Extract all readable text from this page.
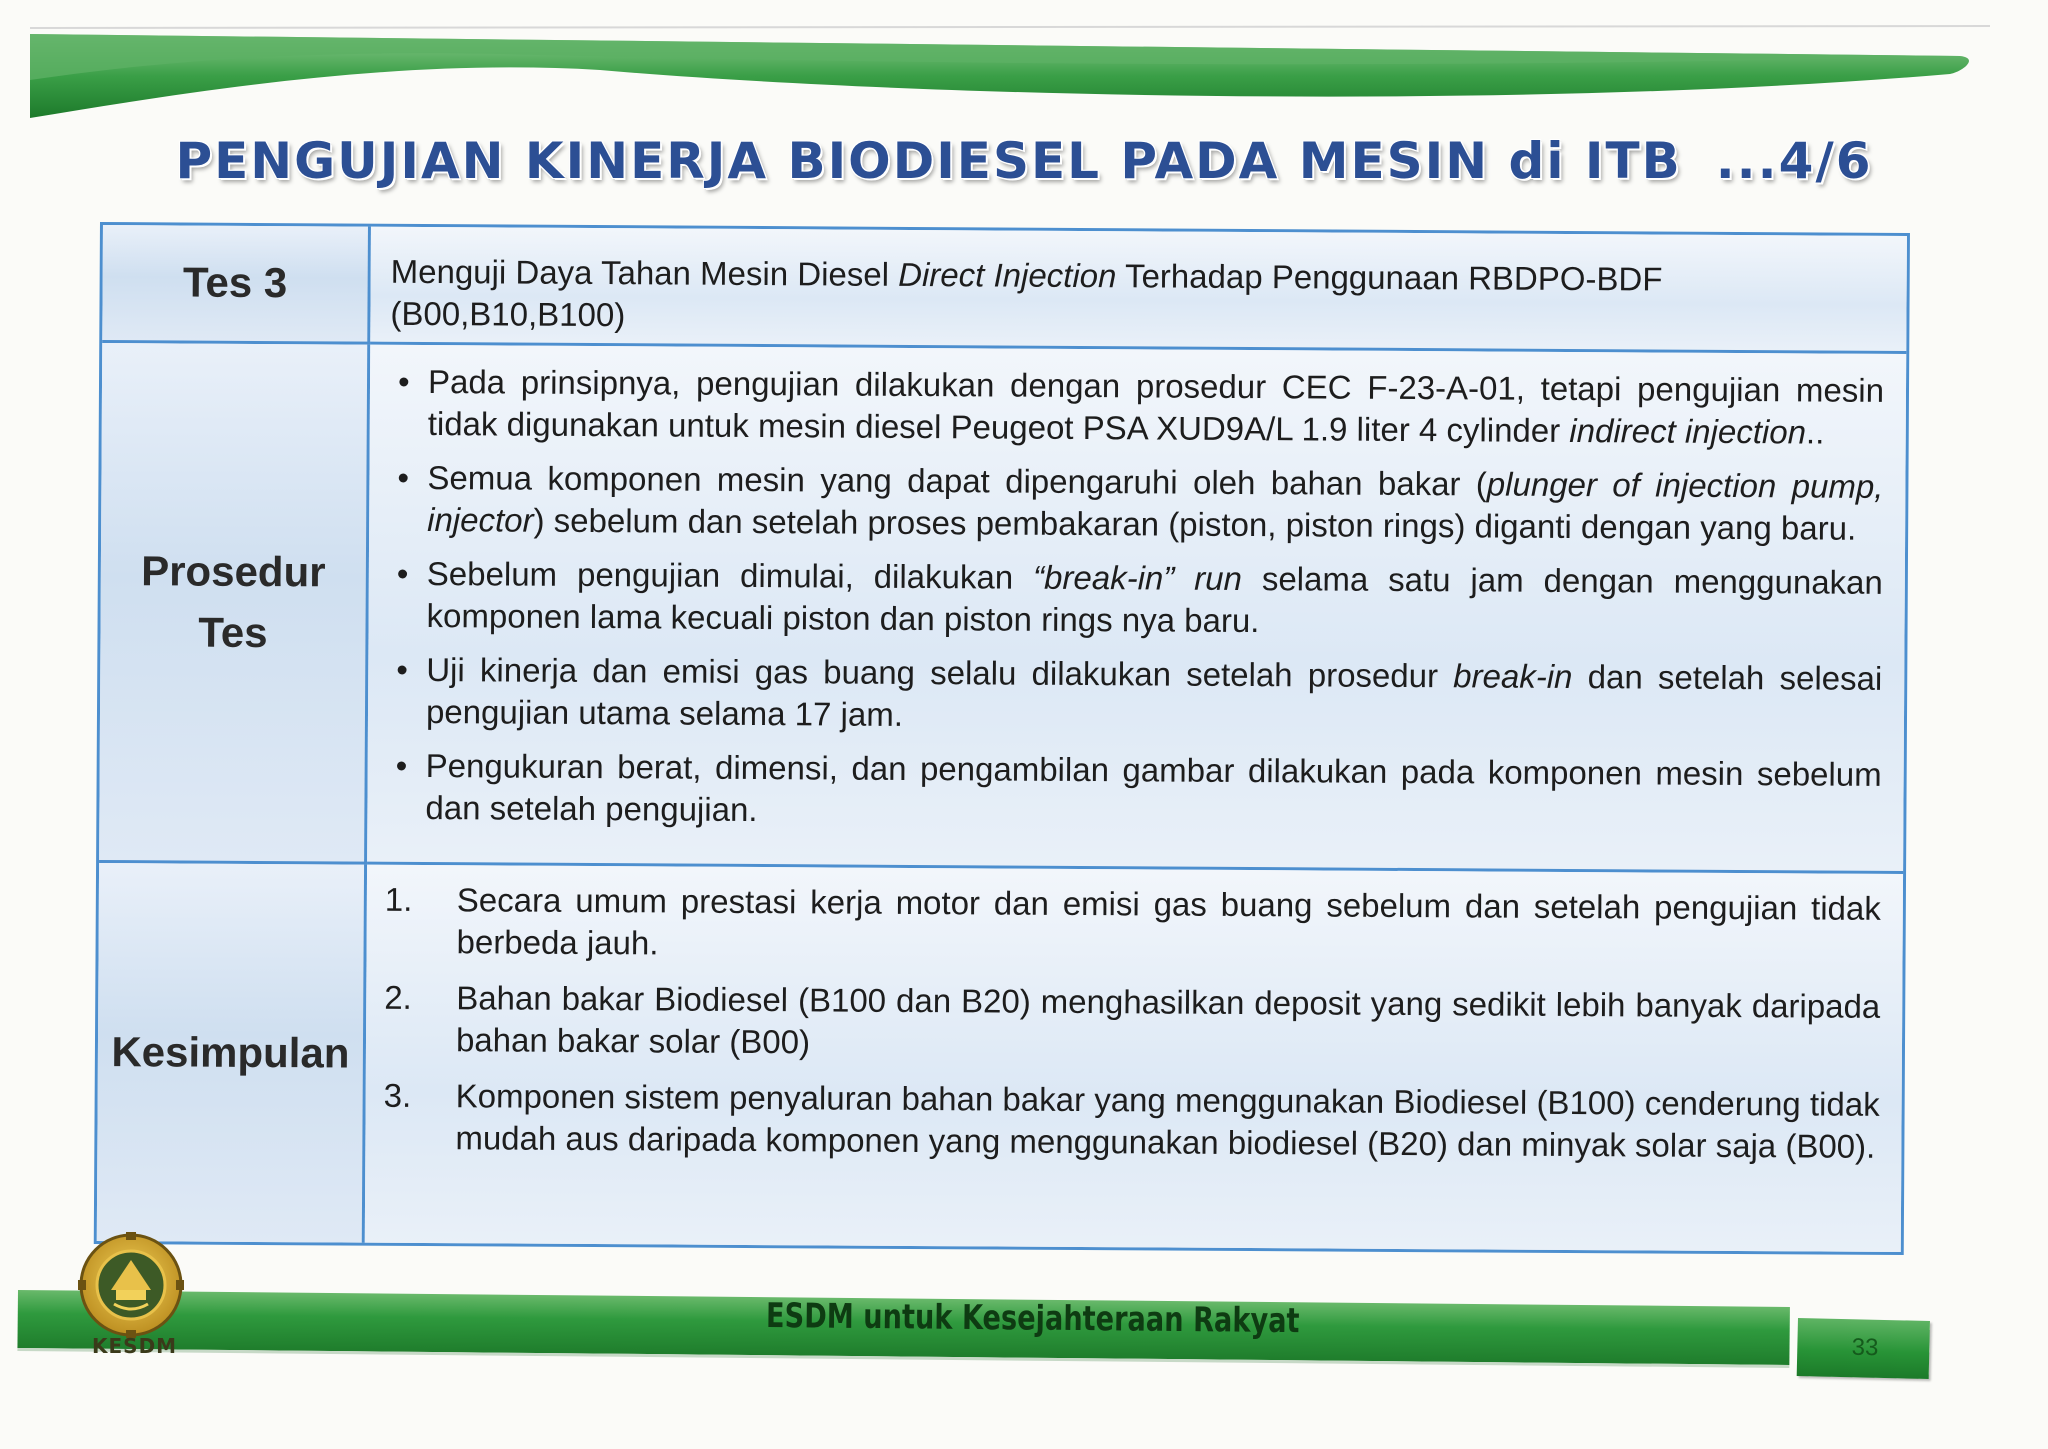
PENGUJIAN KINERJA BIODIESEL PADA MESIN di ITB ...4/6
Tes 3	Menguji Daya Tahan Mesin Diesel Direct Injection Terhadap Penggunaan RBDPO-BDF (B00,B10,B100)
Prosedur
Tes
• Pada prinsipnya, pengujian dilakukan dengan prosedur CEC F-23-A-01, tetapi pengujian mesin tidak digunakan untuk mesin diesel Peugeot PSA XUD9A/L 1.9 liter 4 cylinder indirect injection..
• Semua komponen mesin yang dapat dipengaruhi oleh bahan bakar (plunger of injection pump, injector) sebelum dan setelah proses pembakaran (piston, piston rings) diganti dengan yang baru.
• Sebelum pengujian dimulai, dilakukan “break-in” run selama satu jam dengan menggunakan komponen lama kecuali piston dan piston rings nya baru.
• Uji kinerja dan emisi gas buang selalu dilakukan setelah prosedur break-in dan setelah selesai pengujian utama selama 17 jam.
• Pengukuran berat, dimensi, dan pengambilan gambar dilakukan pada komponen mesin sebelum dan setelah pengujian.
Kesimpulan
1. Secara umum prestasi kerja motor dan emisi gas buang sebelum dan setelah pengujian tidak berbeda jauh.
2. Bahan bakar Biodiesel (B100 dan B20) menghasilkan deposit yang sedikit lebih banyak daripada bahan bakar solar (B00)
3. Komponen sistem penyaluran bahan bakar yang menggunakan Biodiesel (B100) cenderung tidak mudah aus daripada komponen yang menggunakan biodiesel (B20) dan minyak solar saja (B00).
ESDM untuk Kesejahteraan Rakyat
33
KESDM
